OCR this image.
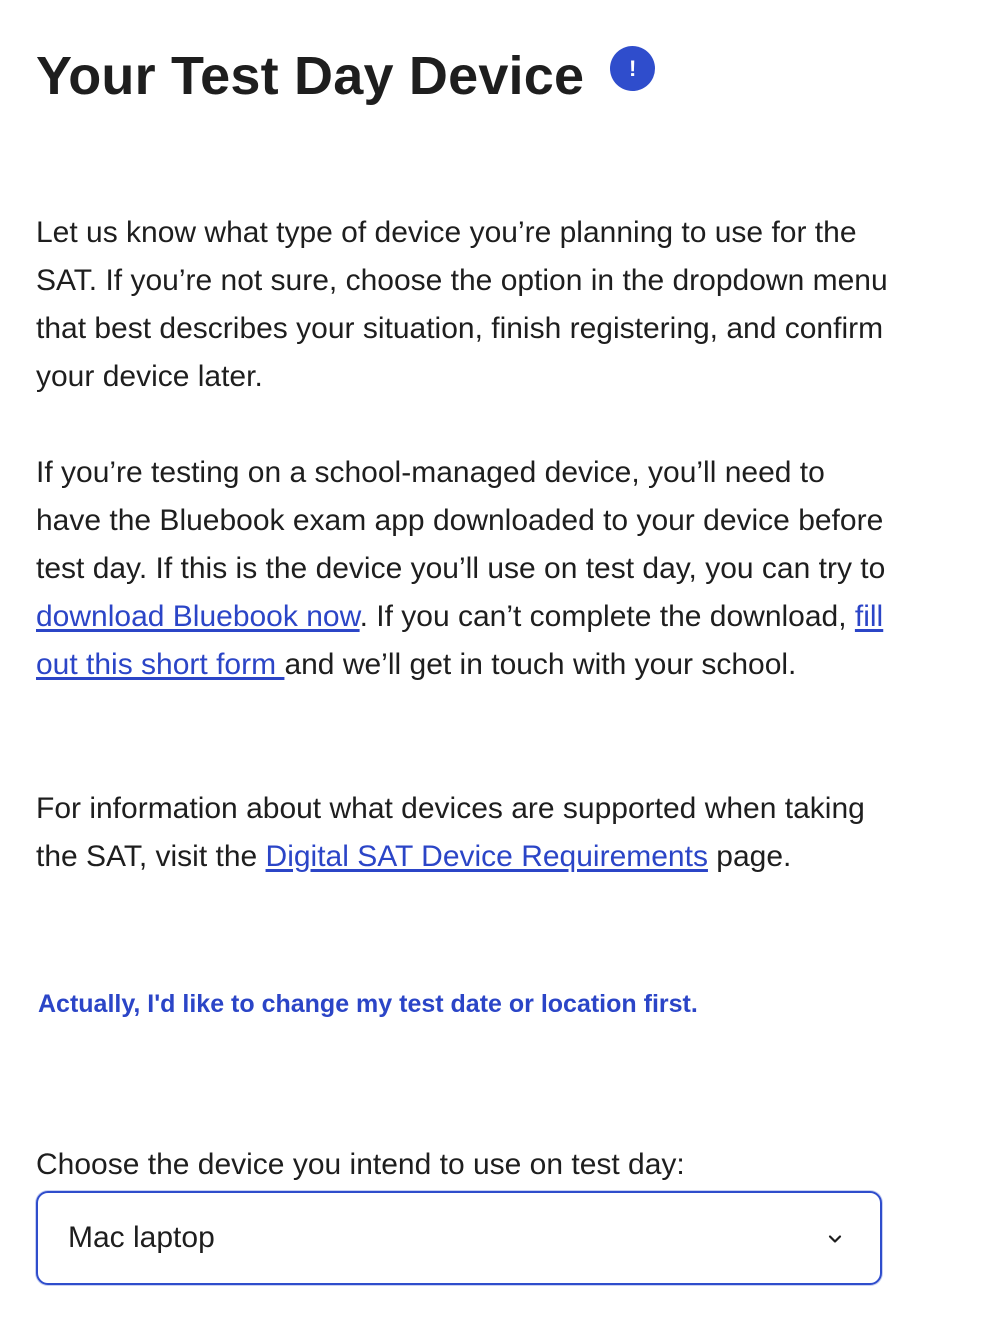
Your Test Day Device	!

Let us know what type of device you’re planning to use for the SAT. If you’re not sure, choose the option in the dropdown menu that best describes your situation, finish registering, and confirm your device later.

If you’re testing on a school-managed device, you’ll need to have the Bluebook exam app downloaded to your device before test day. If this is the device you’ll use on test day, you can try to download Bluebook now. If you can’t complete the download, fill out this short form and we’ll get in touch with your school.

For information about what devices are supported when taking the SAT, visit the Digital SAT Device Requirements page.

Actually, I'd like to change my test date or location first.
Choose the device you intend to use on test day:
Mac laptop
